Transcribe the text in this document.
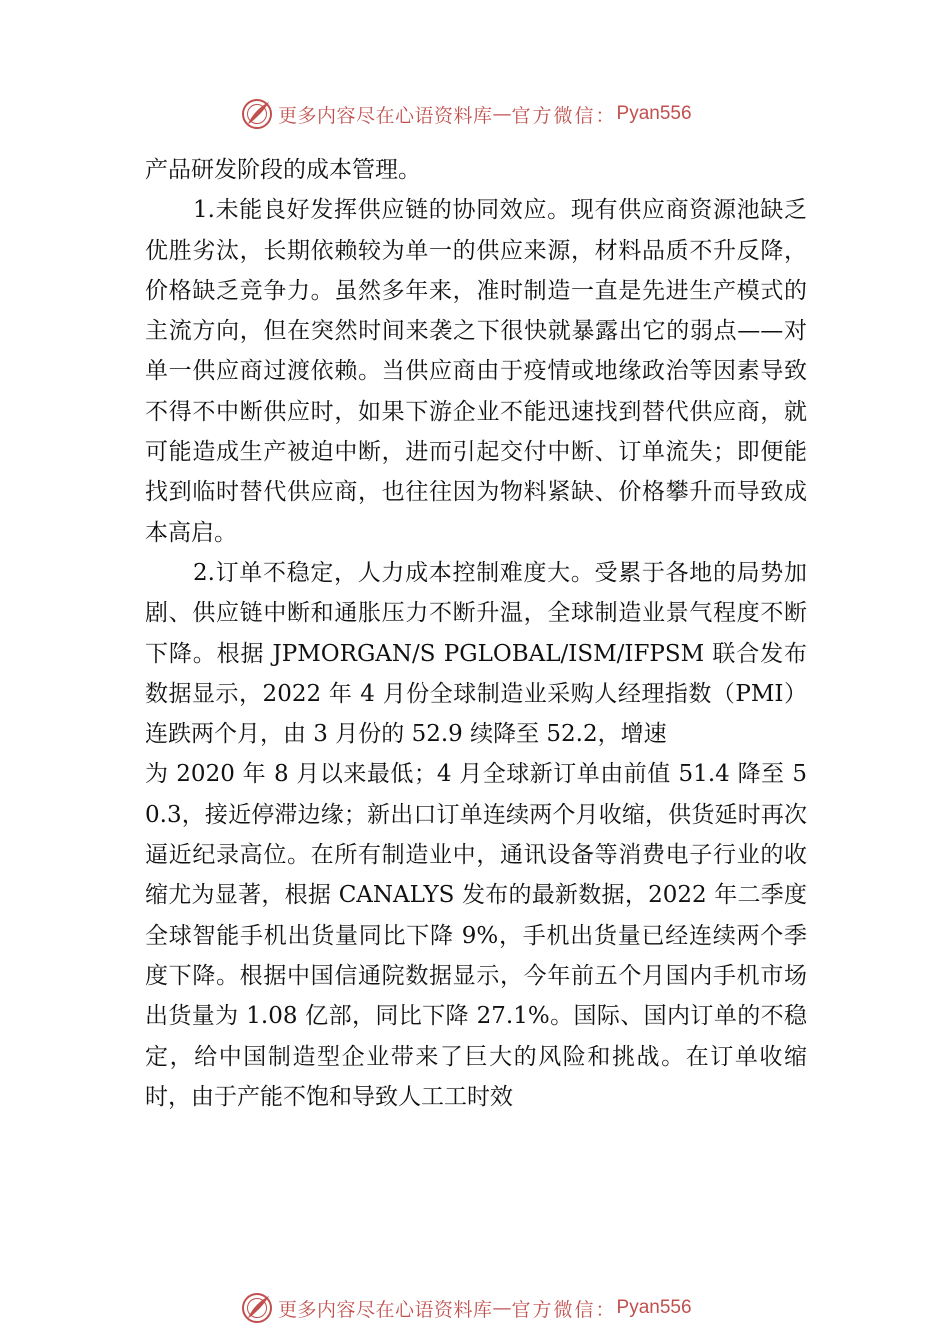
更多内容尽在心语资料库 — 官方微信： Pyan556

产品研发阶段的成本管理。

1.未能良好发挥供应链的协同效应。现有供应商资源池缺乏优胜劣汰，长期依赖较为单一的供应来源，材料品质不升反降，价格缺乏竞争力。虽然多年来，准时制造一直是先进生产模式的主流方向，但在突然时间来袭之下很快就暴露出它的弱点——对单一供应商过渡依赖。当供应商由于疫情或地缘政治等因素导致不得不中断供应时，如果下游企业不能迅速找到替代供应商，就可能造成生产被迫中断，进而引起交付中断、订单流失；即便能找到临时替代供应商，也往往因为物料紧缺、价格攀升而导致成本高启。

2.订单不稳定，人力成本控制难度大。受累于各地的局势加剧、供应链中断和通胀压力不断升温，全球制造业景气程度不断下降。根据 JPMORGAN/S PGLOBAL/ISM/IFPSM 联合发布数据显示，2022 年 4 月份全球制造业采购人经理指数（PMI）连跌两个月，由 3 月份的 52.9 续降至 52.2，增速

为 2020 年 8 月以来最低；4 月全球新订单由前值 51.4 降至 50.3，接近停滞边缘；新出口订单连续两个月收缩，供货延时再次逼近纪录高位。在所有制造业中，通讯设备等消费电子行业的收缩尤为显著，根据 CANALYS 发布的最新数据，2022 年二季度全球智能手机出货量同比下降 9%，手机出货量已经连续两个季度下降。根据中国信通院数据显示，今年前五个月国内手机市场出货量为 1.08 亿部，同比下降 27.1%。国际、国内订单的不稳定，给中国制造型企业带来了巨大的风险和挑战。在订单收缩时，由于产能不饱和导致人工工时效

更多内容尽在心语资料库 — 官方微信： Pyan556
